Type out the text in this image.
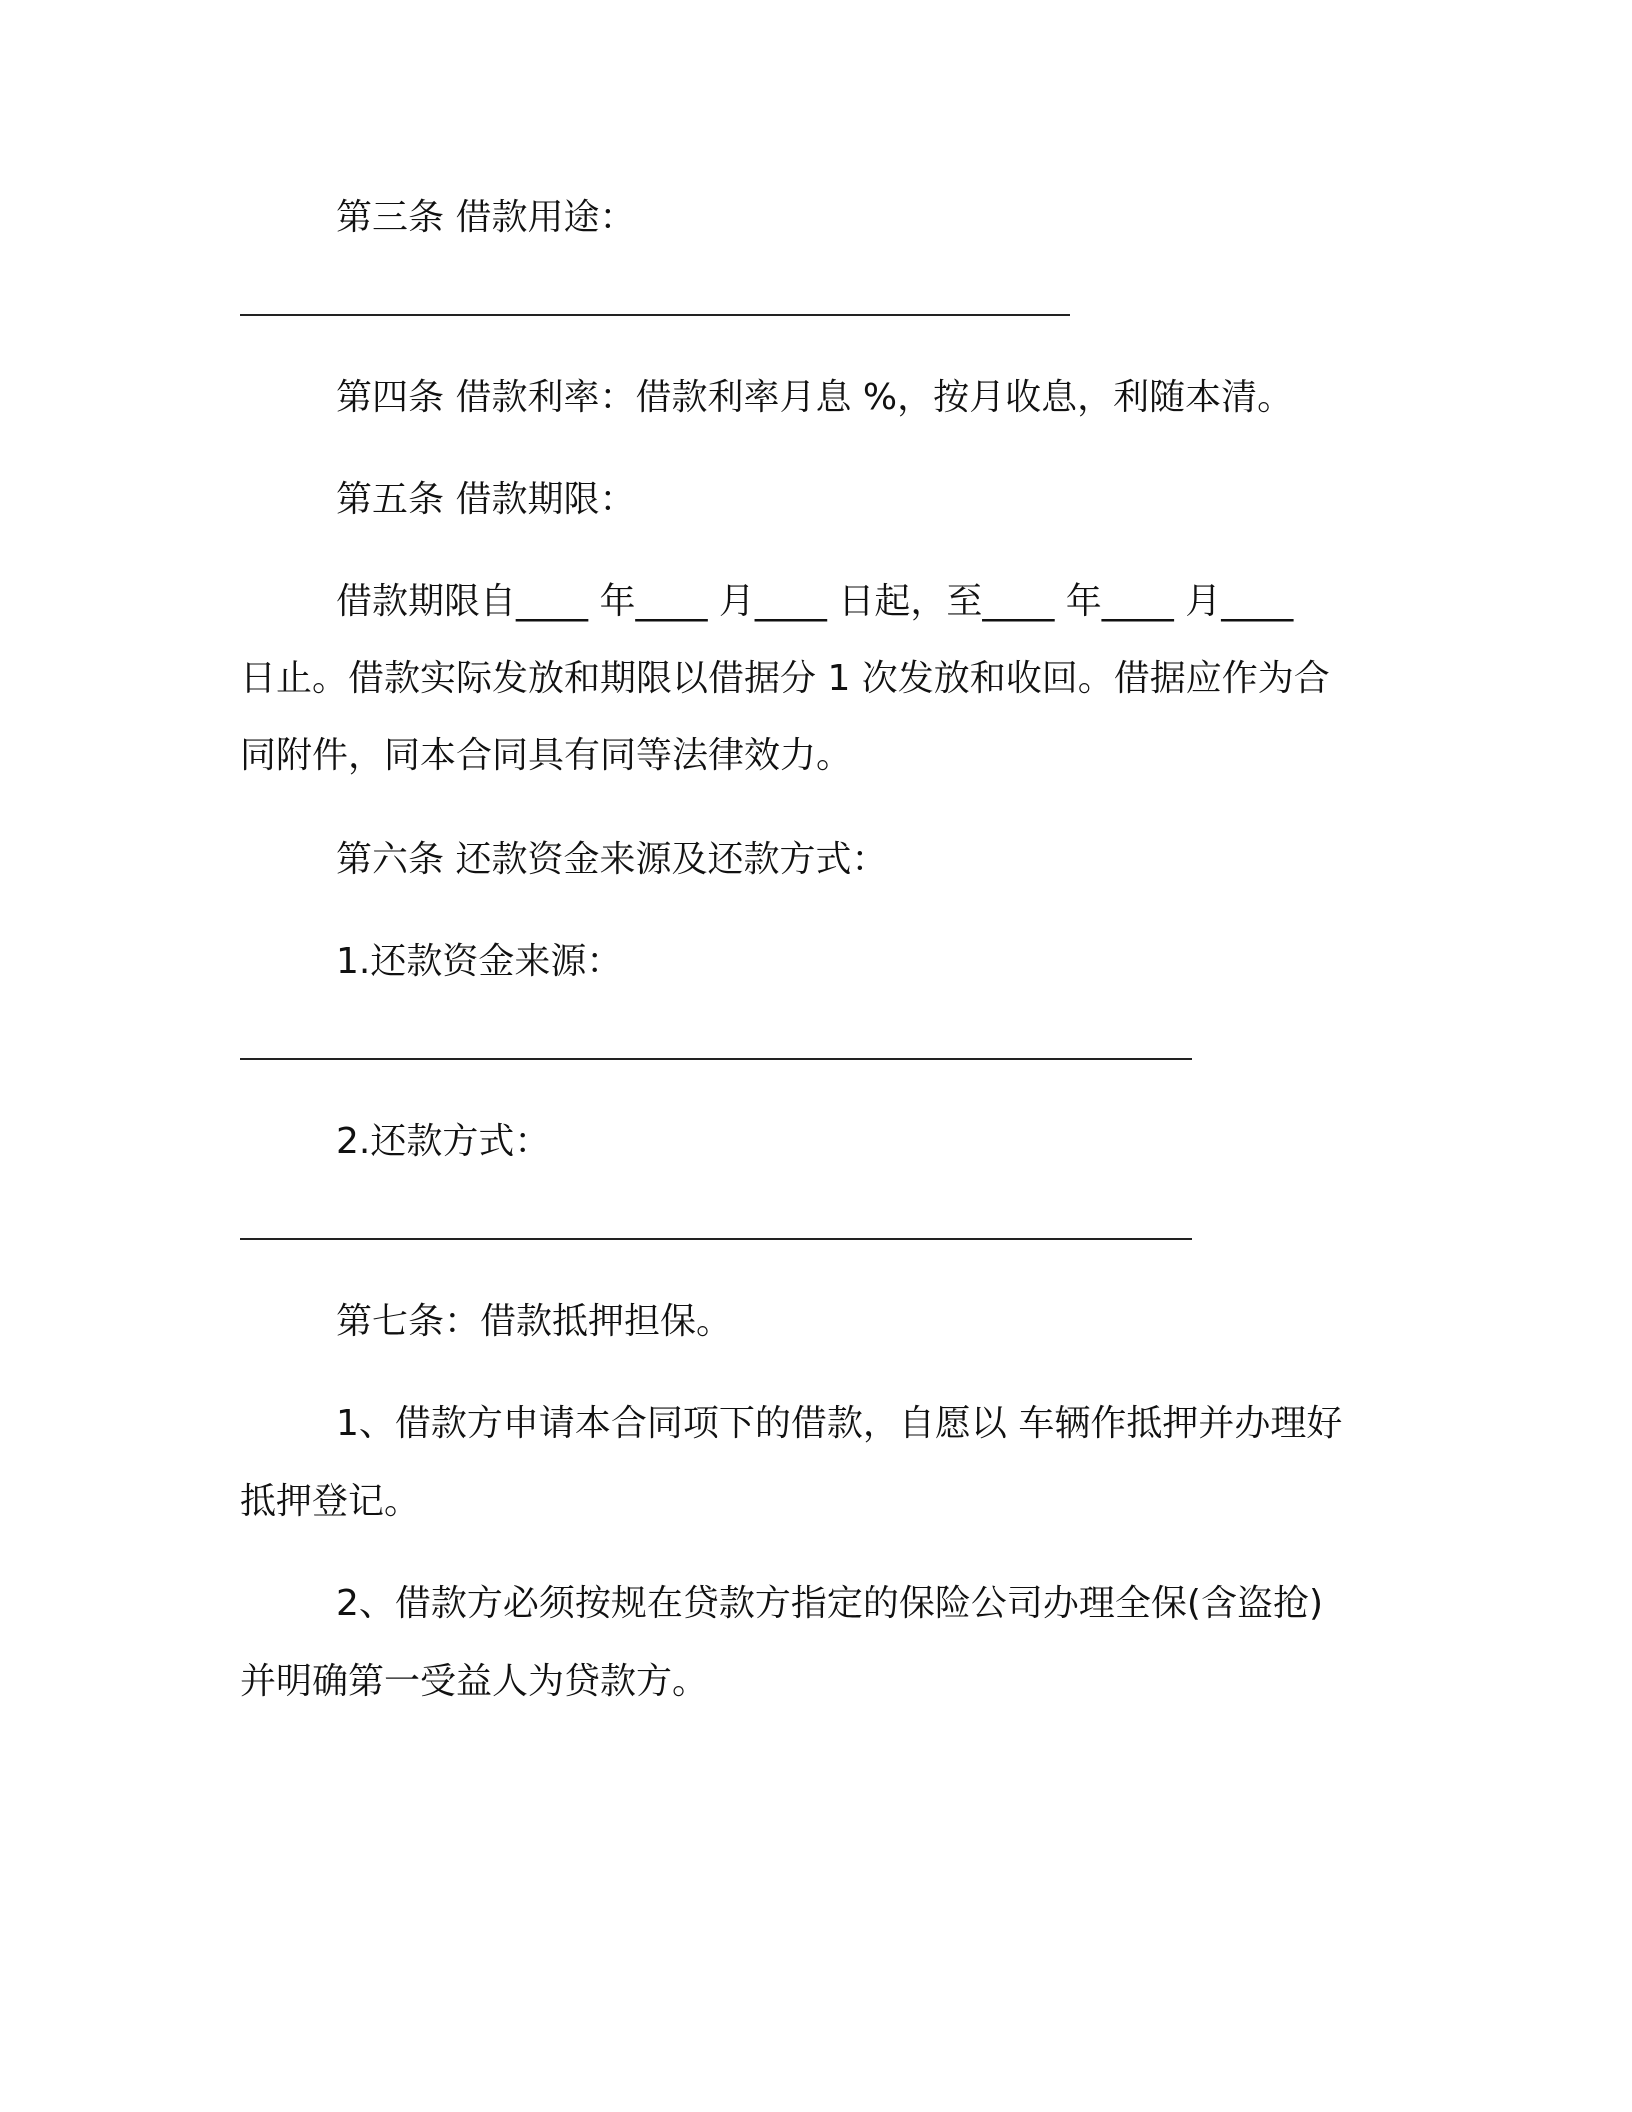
第三条 借款用途：
第四条 借款利率：借款利率月息 %，按月收息，利随本清。
第五条 借款期限：
借款期限自____ 年____ 月____ 日起，至____ 年____ 月____
日止。借款实际发放和期限以借据分 1 次发放和收回。借据应作为合
同附件，同本合同具有同等法律效力。
第六条 还款资金来源及还款方式：
1.还款资金来源：
2.还款方式：
第七条：借款抵押担保。
1、借款方申请本合同项下的借款，自愿以 车辆作抵押并办理好
抵押登记。
2、借款方必须按规在贷款方指定的保险公司办理全保(含盗抢)
并明确第一受益人为贷款方。
